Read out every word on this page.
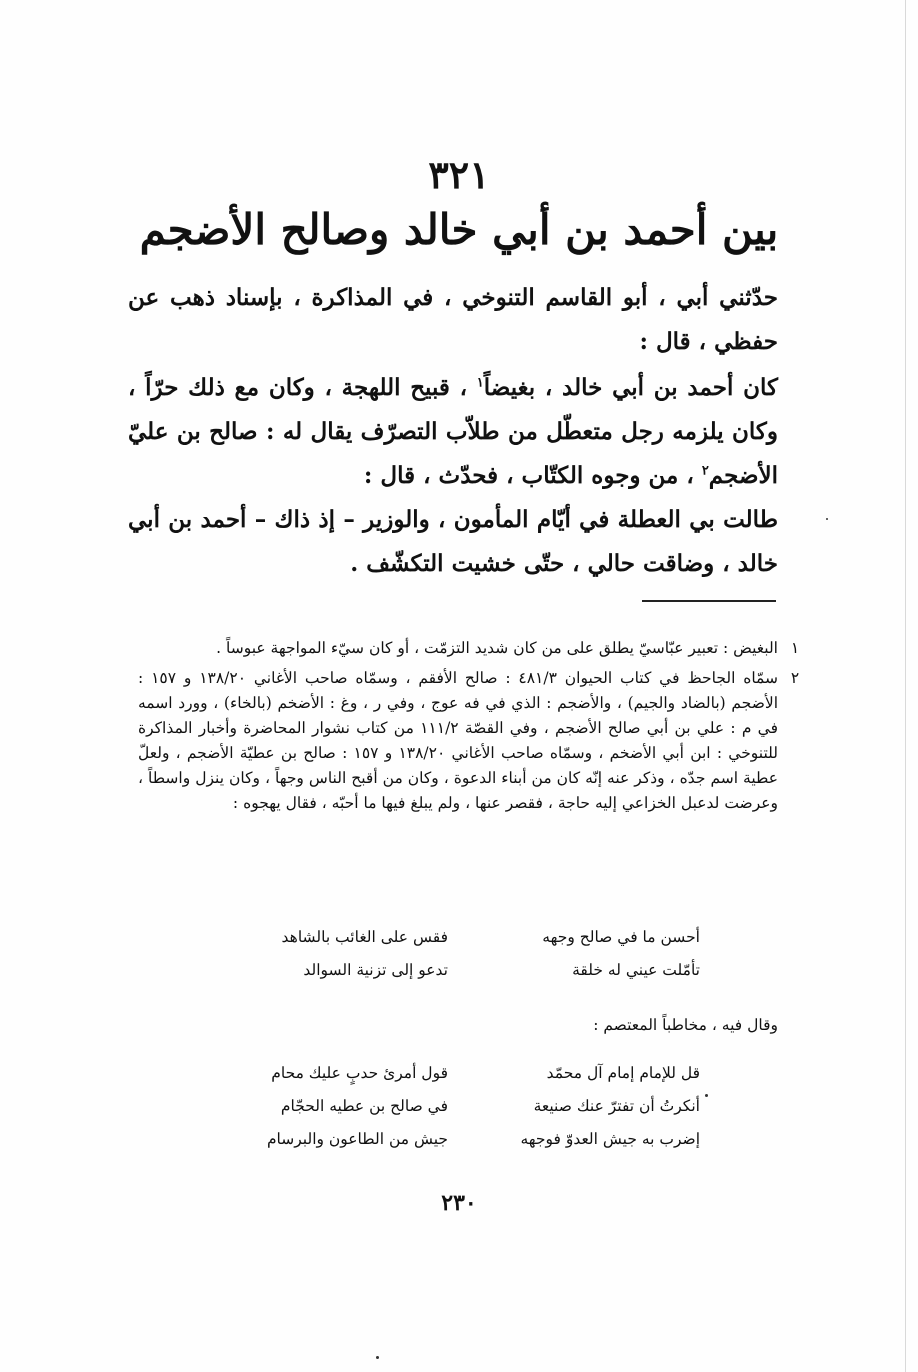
٣٢١
بين أحمد بن أبي خالد وصالح الأضجم
حدّثني أبي ، أبو القاسم التنوخي ، في المذاكرة ، بإسناد ذهب عن حفظي ، قال :
كان أحمد بن أبي خالد ، بغيضاً$^١$ ، قبيح اللهجة ، وكان مع ذلك حرّاً ، وكان يلزمه رجل متعطّل من طلاّب التصرّف يقال له : صالح بن عليّ الأضجم$^٢$ ، من وجوه الكتّاب ، فحدّث ، قال :
طالت بي العطلة في أيّام المأمون ، والوزير – إذ ذاك – أحمد بن أبي خالد ، وضاقت حالي ، حتّى خشيت التكشّف .
١
البغيض : تعبير عبّاسيّ يطلق على من كان شديد التزمّت ، أو كان سيّء المواجهة عبوساً .
٢
سمّاه الجاحظ في كتاب الحيوان ٤٨١/٣ : صالح الأفقم ، وسمّاه صاحب الأغاني ١٣٨/٢٠ و ١٥٧ : الأضجم (بالضاد والجيم) ، والأضجم : الذي في فه عوج ، وفي ر ، وغ : الأضخم (بالخاء) ، وورد اسمه في م : علي بن أبي صالح الأضجم ، وفي القصّة ١١١/٢ من كتاب نشوار المحاضرة وأخبار المذاكرة للتنوخي : ابن أبي الأضخم ، وسمّاه صاحب الأغاني ١٣٨/٢٠ و ١٥٧ : صالح بن عطيّة الأضجم ، ولعلّ عطية اسم جدّه ، وذكر عنه إنّه كان من أبناء الدعوة ، وكان من أقبح الناس وجهاً ، وكان ينزل واسطاً ، وعرضت لدعبل الخزاعي إليه حاجة ، فقصر عنها ، ولم يبلغ فيها ما أحبّه ، فقال يهجوه :
أحسن ما في صالح وجهه
فقس على الغائب بالشاهد
تأمّلت عيني له خلقة
تدعو إلى تزنية السوالد
وقال فيه ، مخاطباً المعتصم :
قل للإمام إمام آل محمّد
قول أمرئ حدبٍ عليك محام
أنكرتُ أن تفترّ عنك صنيعة
في صالح بن عطيه الحجّام
إضرب به جيش العدوّ فوجهه
جيش من الطاعون والبرسام
٢٣٠
